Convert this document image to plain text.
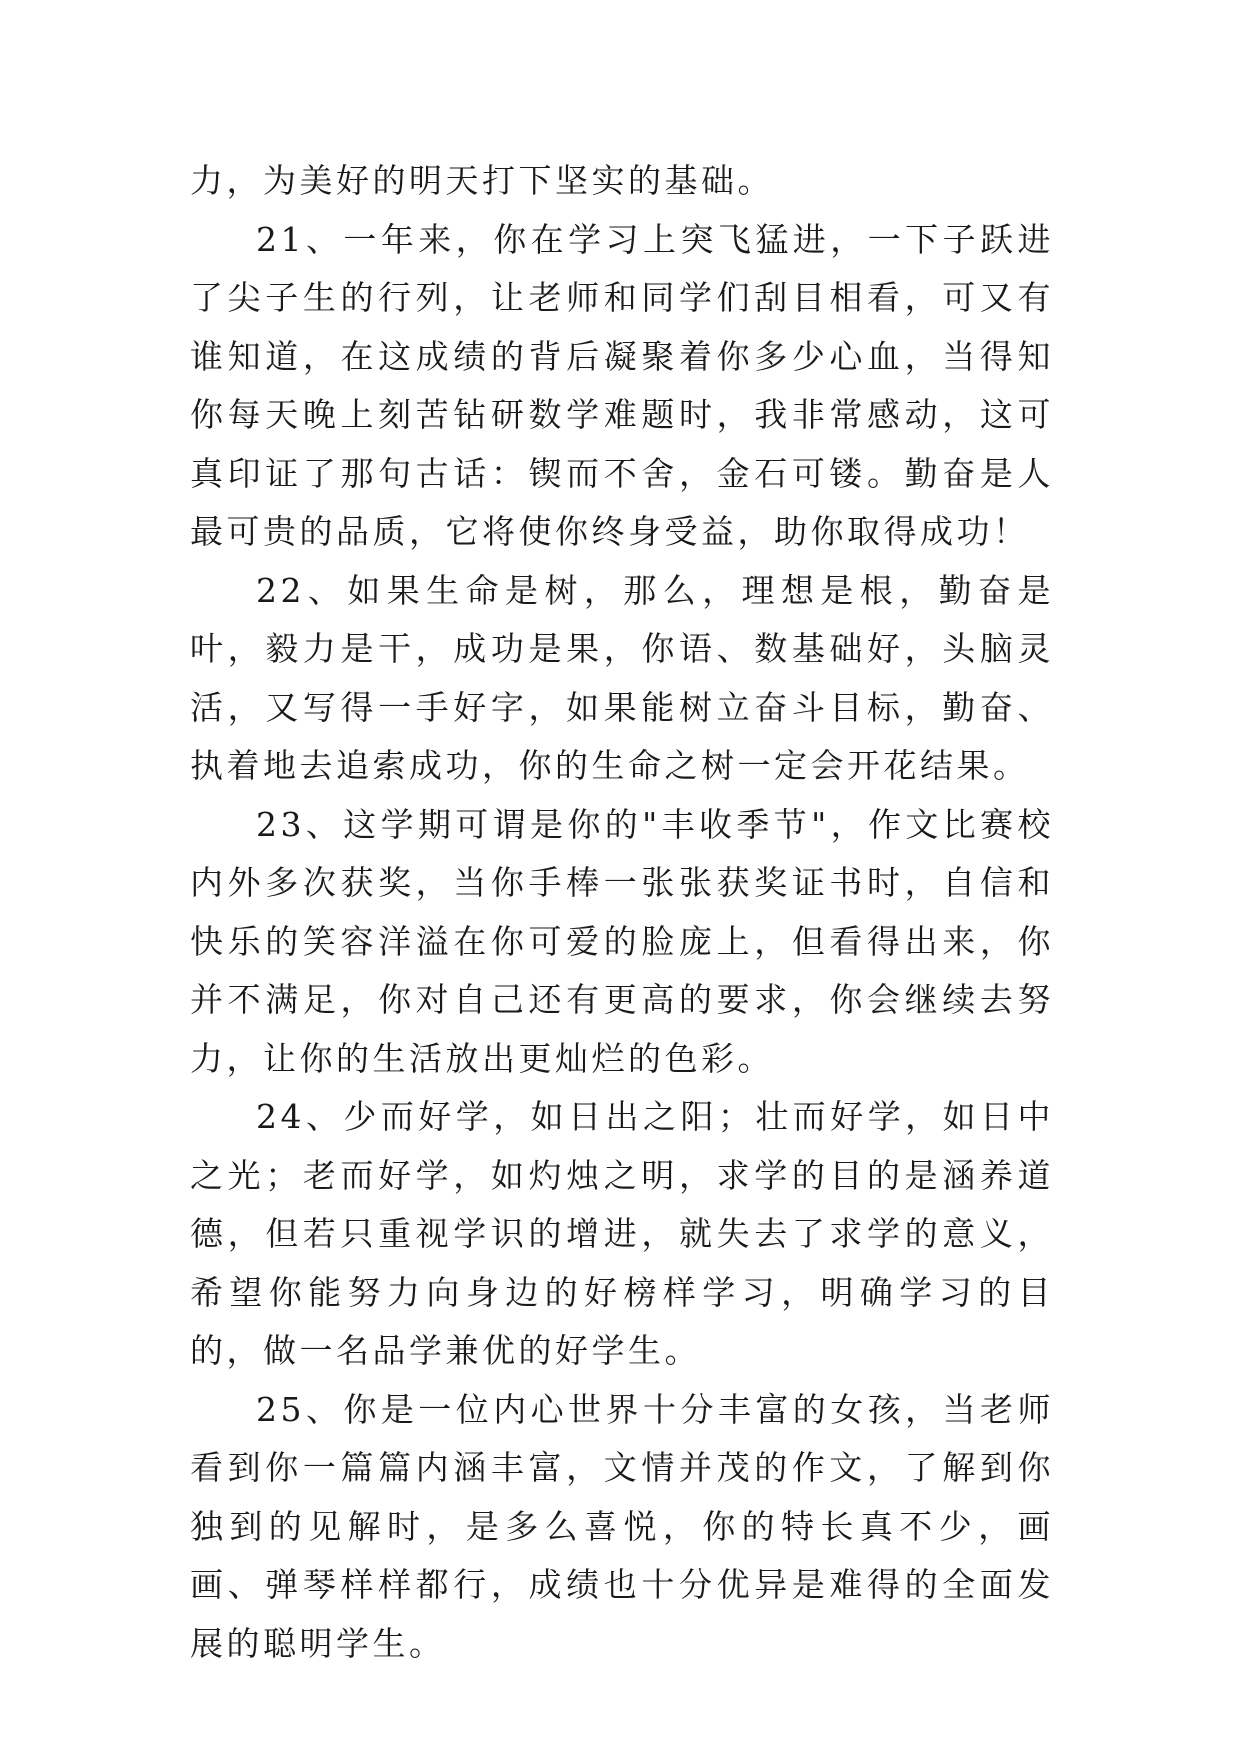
力，为美好的明天打下坚实的基础。

21、一年来，你在学习上突飞猛进，一下子跃进了尖子生的行列，让老师和同学们刮目相看，可又有谁知道，在这成绩的背后凝聚着你多少心血，当得知你每天晚上刻苦钻研数学难题时，我非常感动，这可真印证了那句古话：锲而不舍，金石可镂。勤奋是人最可贵的品质，它将使你终身受益，助你取得成功！

22、如果生命是树，那么，理想是根，勤奋是叶，毅力是干，成功是果，你语、数基础好，头脑灵活，又写得一手好字，如果能树立奋斗目标，勤奋、执着地去追索成功，你的生命之树一定会开花结果。

23、这学期可谓是你的"丰收季节"，作文比赛校内外多次获奖，当你手棒一张张获奖证书时，自信和快乐的笑容洋溢在你可爱的脸庞上，但看得出来，你并不满足，你对自己还有更高的要求，你会继续去努力，让你的生活放出更灿烂的色彩。

24、少而好学，如日出之阳；壮而好学，如日中之光；老而好学，如灼烛之明，求学的目的是涵养道德，但若只重视学识的增进，就失去了求学的意义，希望你能努力向身边的好榜样学习，明确学习的目的，做一名品学兼优的好学生。

25、你是一位内心世界十分丰富的女孩，当老师看到你一篇篇内涵丰富，文情并茂的作文，了解到你独到的见解时，是多么喜悦，你的特长真不少，画画、弹琴样样都行，成绩也十分优异是难得的全面发展的聪明学生。
